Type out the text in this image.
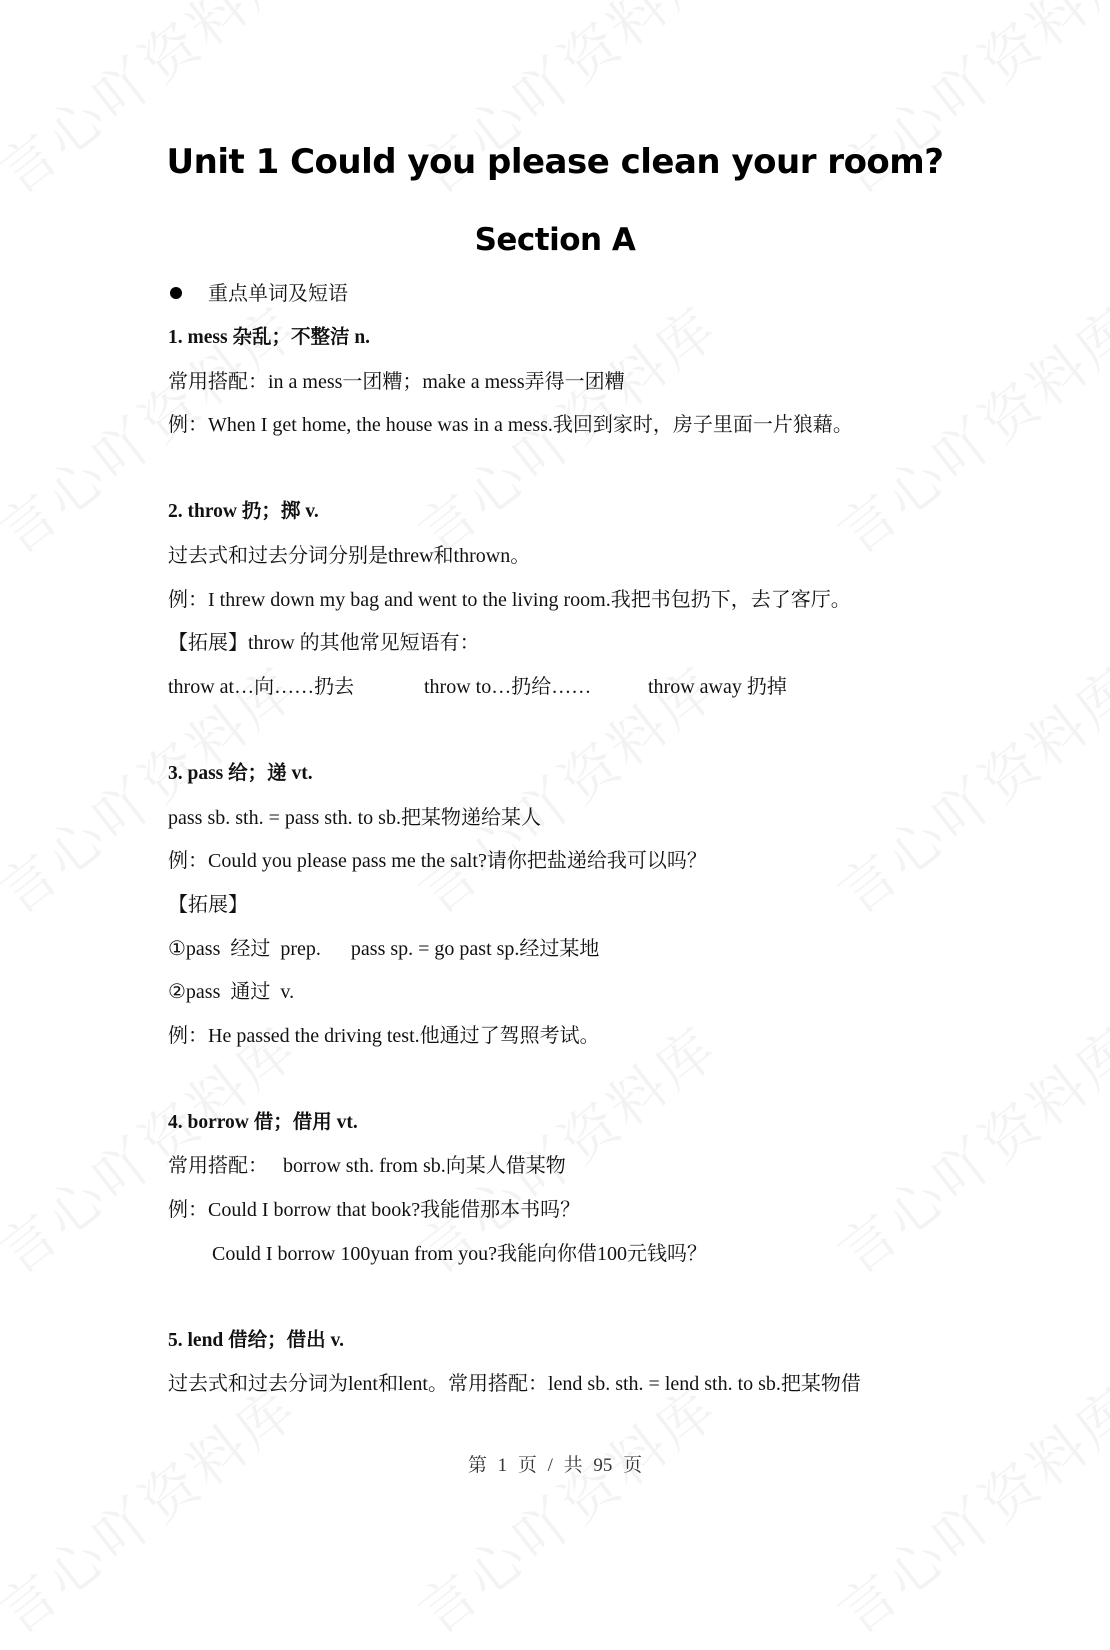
Unit 1 Could you please clean your room?
Section A
重点单词及短语
1. mess 杂乱；不整洁 n.
常用搭配：in a mess一团糟；make a mess弄得一团糟
例：When I get home, the house was in a mess.我回到家时，房子里面一片狼藉。
2. throw 扔；掷 v.
过去式和过去分词分别是threw和thrown。
例：I threw down my bag and went to the living room.我把书包扔下，去了客厅。
【拓展】throw 的其他常见短语有：
throw at…向……扔去	throw to…扔给……	throw away 扔掉
3. pass 给；递 vt.
pass sb. sth. = pass sth. to sb.把某物递给某人
例：Could you please pass me the salt?请你把盐递给我可以吗？
【拓展】
①pass  经过  prep.      pass sp. = go past sp.经过某地
②pass  通过  v.
例：He passed the driving test.他通过了驾照考试。
4. borrow 借；借用 vt.
常用搭配：   borrow sth. from sb.向某人借某物
例：Could I borrow that book?我能借那本书吗？
Could I borrow 100yuan from you?我能向你借100元钱吗？
5. lend 借给；借出 v.
过去式和过去分词为lent和lent。常用搭配：lend sb. sth. = lend sth. to sb.把某物借
第 1 页 / 共 95 页
